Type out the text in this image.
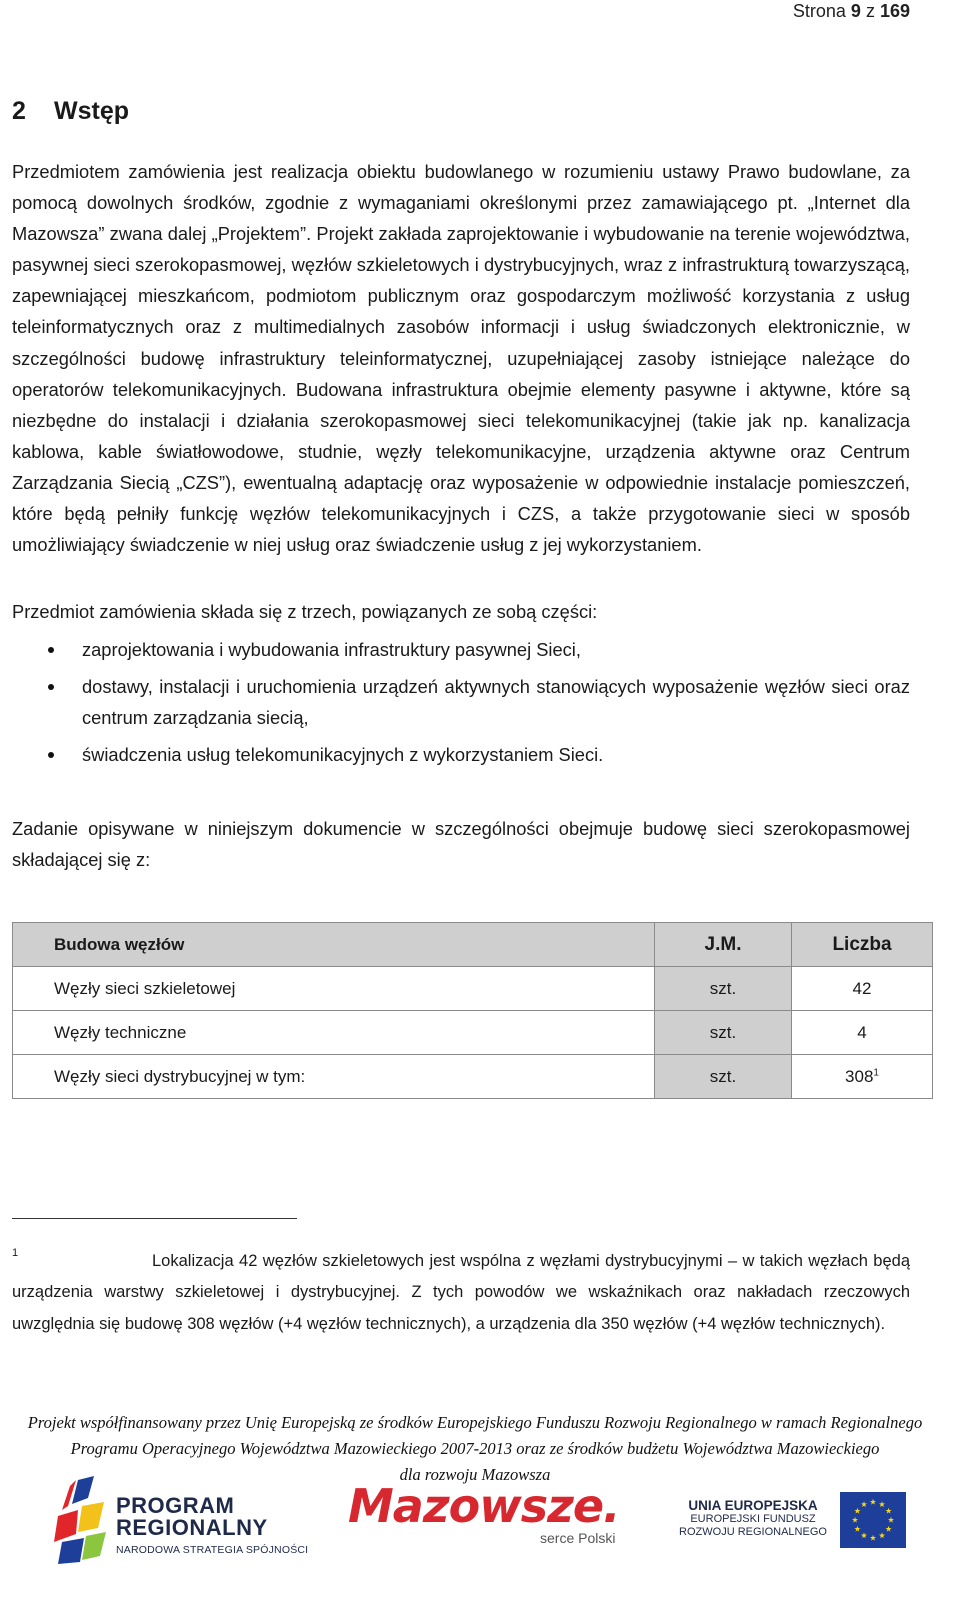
Strona 9 z 169
2 Wstęp
Przedmiotem zamówienia jest realizacja obiektu budowlanego w rozumieniu ustawy Prawo budowlane, za pomocą dowolnych środków, zgodnie z wymaganiami określonymi przez zamawiającego pt. „Internet dla Mazowsza” zwana dalej „Projektem”. Projekt zakłada zaprojektowanie i wybudowanie na terenie województwa, pasywnej sieci szerokopasmowej, węzłów szkieletowych i dystrybucyjnych, wraz z infrastrukturą towarzyszącą, zapewniającej mieszkańcom, podmiotom publicznym oraz gospodarczym możliwość korzystania z usług teleinformatycznych oraz z multimedialnych zasobów informacji i usług świadczonych elektronicznie, w szczególności budowę infrastruktury teleinformatycznej, uzupełniającej zasoby istniejące należące do operatorów telekomunikacyjnych. Budowana infrastruktura obejmie elementy pasywne i aktywne, które są niezbędne do instalacji i działania szerokopasmowej sieci telekomunikacyjnej (takie jak np. kanalizacja kablowa, kable światłowodowe, studnie, węzły telekomunikacyjne, urządzenia aktywne oraz Centrum Zarządzania Siecią „CZS”), ewentualną adaptację oraz wyposażenie w odpowiednie instalacje pomieszczeń, które będą pełniły funkcję węzłów telekomunikacyjnych i CZS, a także przygotowanie sieci w sposób umożliwiający świadczenie w niej usług oraz świadczenie usług z jej wykorzystaniem.
Przedmiot zamówienia składa się z trzech, powiązanych ze sobą części:
zaprojektowania i wybudowania infrastruktury pasywnej Sieci,
dostawy, instalacji i uruchomienia urządzeń aktywnych stanowiących wyposażenie węzłów sieci oraz centrum zarządzania siecią,
świadczenia usług telekomunikacyjnych z wykorzystaniem Sieci.
Zadanie opisywane w niniejszym dokumencie w szczególności obejmuje budowę sieci szerokopasmowej składającej się z:
Budowa węzłów	J.M.	Liczba
Węzły sieci szkieletowej	szt.	42
Węzły techniczne	szt.	4
Węzły sieci dystrybucyjnej w tym:	szt.	$308^1$
1	Lokalizacja 42 węzłów szkieletowych jest wspólna z węzłami dystrybucyjnymi – w takich węzłach będą urządzenia warstwy szkieletowej i dystrybucyjnej. Z tych powodów we wskaźnikach oraz nakładach rzeczowych uwzględnia się budowę 308 węzłów (+4 węzłów technicznych), a urządzenia dla 350 węzłów (+4 węzłów technicznych).
Projekt współfinansowany przez Unię Europejską ze środków Europejskiego Funduszu Rozwoju Regionalnego w ramach Regionalnego
Programu Operacyjnego Województwa Mazowieckiego 2007-2013 oraz ze środków budżetu Województwa Mazowieckiego
dla rozwoju Mazowsza
PROGRAM
REGIONALNY
NARODOWA STRATEGIA SPÓJNOŚCI
Mazowsze.
serce Polski
UNIA EUROPEJSKA
EUROPEJSKI FUNDUSZ
ROZWOJU REGIONALNEGO
